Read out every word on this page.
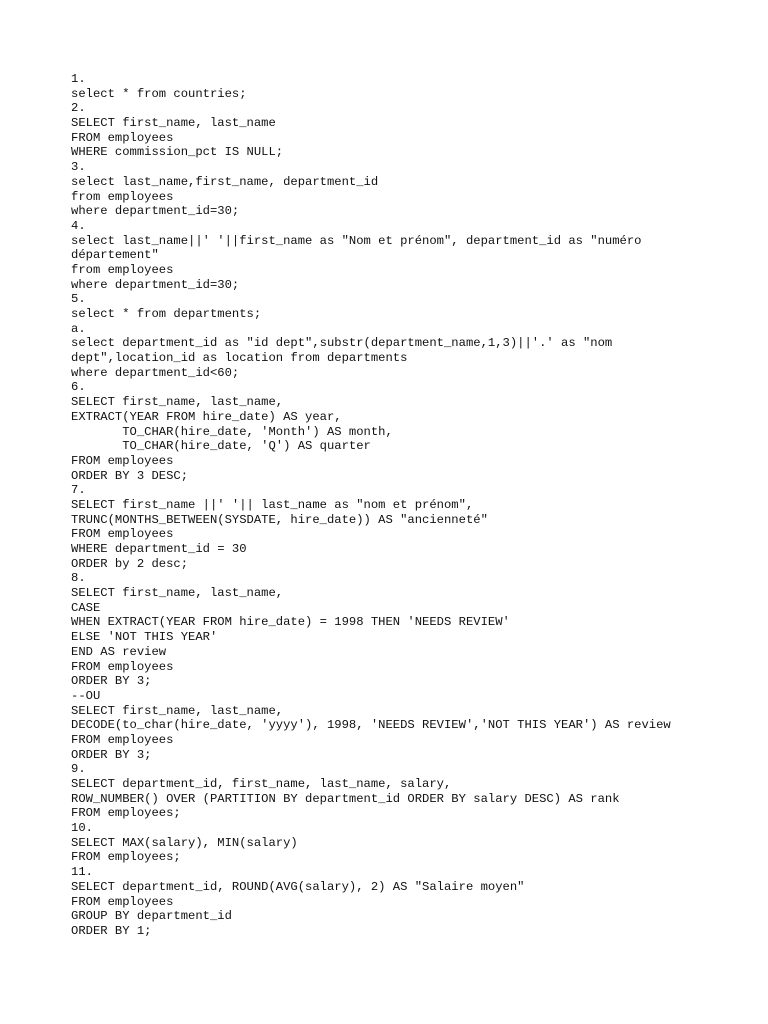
1.
select * from countries;
2.
SELECT first_name, last_name
FROM employees
WHERE commission_pct IS NULL;
3.
select last_name,first_name, department_id
from employees
where department_id=30;
4.
select last_name||' '||first_name as "Nom et prénom", department_id as "numéro
département"
from employees
where department_id=30;
5.
select * from departments;
a.
select department_id as "id dept",substr(department_name,1,3)||'.' as "nom
dept",location_id as location from departments
where department_id<60;
6.
SELECT first_name, last_name,
EXTRACT(YEAR FROM hire_date) AS year,
TO_CHAR(hire_date, 'Month') AS month,
TO_CHAR(hire_date, 'Q') AS quarter
FROM employees
ORDER BY 3 DESC;
7.
SELECT first_name ||' '|| last_name as "nom et prénom",
TRUNC(MONTHS_BETWEEN(SYSDATE, hire_date)) AS "ancienneté"
FROM employees
WHERE department_id = 30
ORDER by 2 desc;
8.
SELECT first_name, last_name,
CASE
WHEN EXTRACT(YEAR FROM hire_date) = 1998 THEN 'NEEDS REVIEW'
ELSE 'NOT THIS YEAR'
END AS review
FROM employees
ORDER BY 3;
--OU
SELECT first_name, last_name,
DECODE(to_char(hire_date, 'yyyy'), 1998, 'NEEDS REVIEW','NOT THIS YEAR') AS review
FROM employees
ORDER BY 3;
9.
SELECT department_id, first_name, last_name, salary,
ROW_NUMBER() OVER (PARTITION BY department_id ORDER BY salary DESC) AS rank
FROM employees;
10.
SELECT MAX(salary), MIN(salary)
FROM employees;
11.
SELECT department_id, ROUND(AVG(salary), 2) AS "Salaire moyen"
FROM employees
GROUP BY department_id
ORDER BY 1;
